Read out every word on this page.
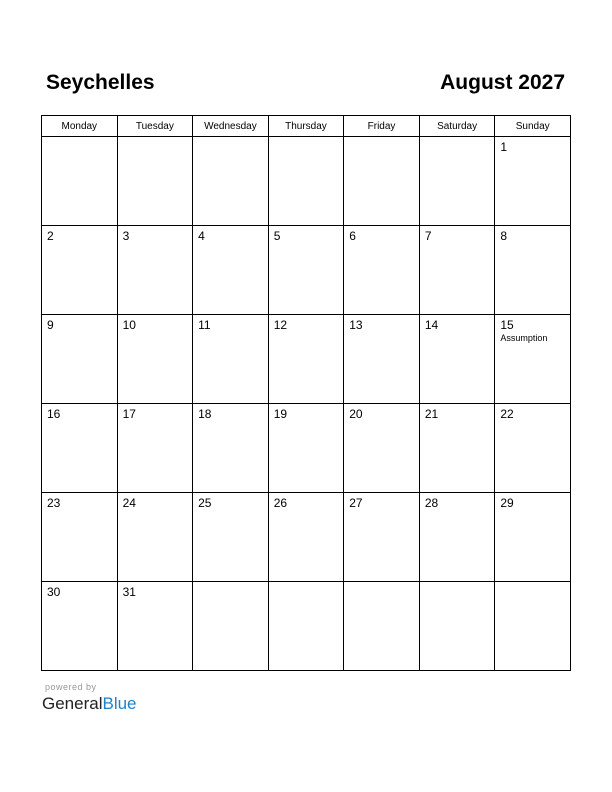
Seychelles	August 2027
Monday	Tuesday	Wednesday	Thursday	Friday	Saturday	Sunday

						1

2	3	4	5	6	7	8

9	10	11	12	13	14	15
Assumption

16	17	18	19	20	21	22

23	24	25	26	27	28	29

30	31					

powered by
GeneralBlue
